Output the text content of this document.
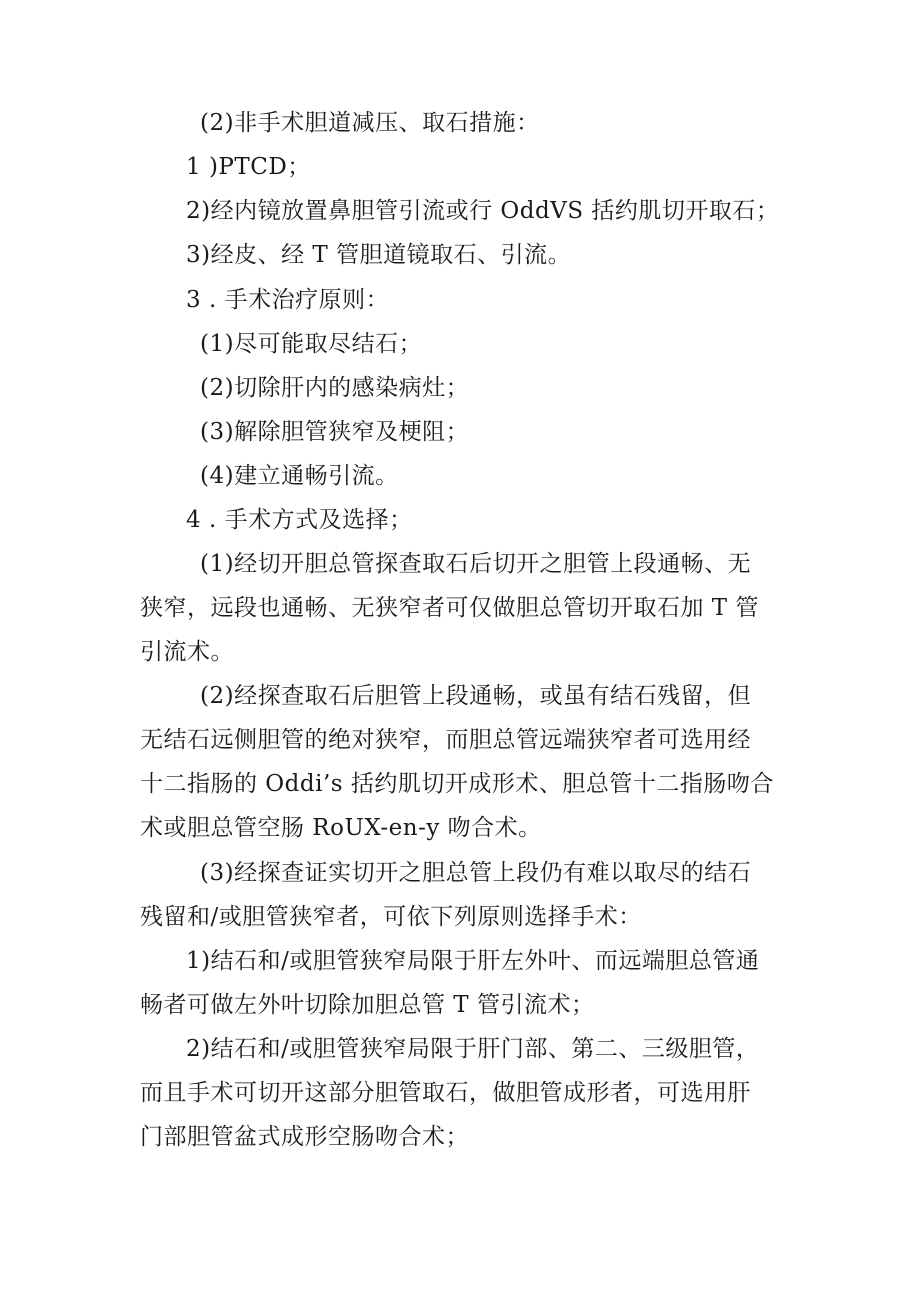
(2)非手术胆道减压、取石措施：
1 )PTCD；
2)经内镜放置鼻胆管引流或行 OddVS 括约肌切开取石；
3)经皮、经 T 管胆道镜取石、引流。
3 . 手术治疗原则：
(1)尽可能取尽结石；
(2)切除肝内的感染病灶；
(3)解除胆管狭窄及梗阻；
(4)建立通畅引流。
4 . 手术方式及选择；
(1)经切开胆总管探查取石后切开之胆管上段通畅、无
狭窄，远段也通畅、无狭窄者可仅做胆总管切开取石加 T 管
引流术。
(2)经探查取石后胆管上段通畅，或虽有结石残留，但
无结石远侧胆管的绝对狭窄，而胆总管远端狭窄者可选用经
十二指肠的 Oddi’s 括约肌切开成形术、胆总管十二指肠吻合
术或胆总管空肠 RoUX-en-y 吻合术。
(3)经探查证实切开之胆总管上段仍有难以取尽的结石
残留和/或胆管狭窄者，可依下列原则选择手术：
1)结石和/或胆管狭窄局限于肝左外叶、而远端胆总管通
畅者可做左外叶切除加胆总管 T 管引流术；
2)结石和/或胆管狭窄局限于肝门部、第二、三级胆管，
而且手术可切开这部分胆管取石，做胆管成形者，可选用肝
门部胆管盆式成形空肠吻合术；
